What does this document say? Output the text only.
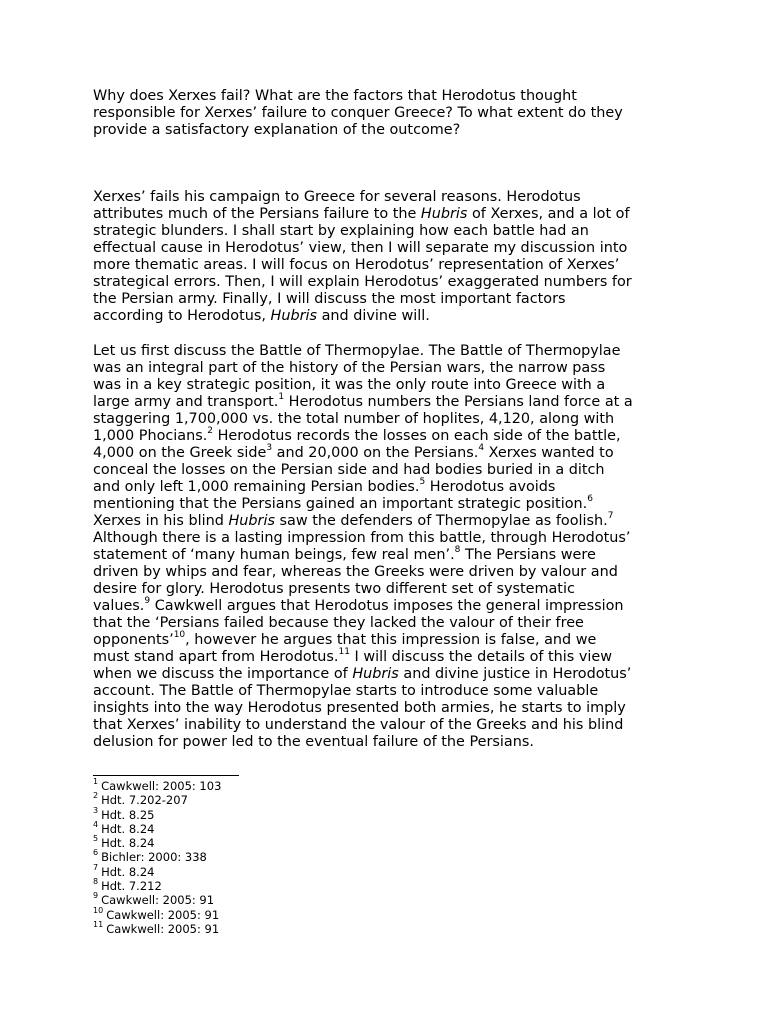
Why does Xerxes fail? What are the factors that Herodotus thought
responsible for Xerxes’ failure to conquer Greece? To what extent do they
provide a satisfactory explanation of the outcome?

Xerxes’ fails his campaign to Greece for several reasons. Herodotus
attributes much of the Persians failure to the Hubris of Xerxes, and a lot of
strategic blunders. I shall start by explaining how each battle had an
effectual cause in Herodotus’ view, then I will separate my discussion into
more thematic areas. I will focus on Herodotus’ representation of Xerxes’
strategical errors. Then, I will explain Herodotus’ exaggerated numbers for
the Persian army. Finally, I will discuss the most important factors
according to Herodotus, Hubris and divine will.

Let us first discuss the Battle of Thermopylae. The Battle of Thermopylae
was an integral part of the history of the Persian wars, the narrow pass
was in a key strategic position, it was the only route into Greece with a
large army and transport.$^1$ Herodotus numbers the Persians land force at a
staggering 1,700,000 vs. the total number of hoplites, 4,120, along with
1,000 Phocians.$^2$ Herodotus records the losses on each side of the battle,
4,000 on the Greek side$^3$ and 20,000 on the Persians.$^4$ Xerxes wanted to
conceal the losses on the Persian side and had bodies buried in a ditch
and only left 1,000 remaining Persian bodies.$^5$ Herodotus avoids
mentioning that the Persians gained an important strategic position.$^6$
Xerxes in his blind Hubris saw the defenders of Thermopylae as foolish.$^7$
Although there is a lasting impression from this battle, through Herodotus’
statement of ‘many human beings, few real men’.$^8$ The Persians were
driven by whips and fear, whereas the Greeks were driven by valour and
desire for glory. Herodotus presents two different set of systematic
values.$^9$ Cawkwell argues that Herodotus imposes the general impression
that the ‘Persians failed because they lacked the valour of their free
opponents’$^{10}$, however he argues that this impression is false, and we
must stand apart from Herodotus.$^{11}$ I will discuss the details of this view
when we discuss the importance of Hubris and divine justice in Herodotus’
account. The Battle of Thermopylae starts to introduce some valuable
insights into the way Herodotus presented both armies, he starts to imply
that Xerxes’ inability to understand the valour of the Greeks and his blind
delusion for power led to the eventual failure of the Persians.

$^1$ Cawkwell: 2005: 103
$^2$ Hdt. 7.202-207
$^3$ Hdt. 8.25
$^4$ Hdt. 8.24
$^5$ Hdt. 8.24
$^6$ Bichler: 2000: 338
$^7$ Hdt. 8.24
$^8$ Hdt. 7.212
$^9$ Cawkwell: 2005: 91
$^{10}$ Cawkwell: 2005: 91
$^{11}$ Cawkwell: 2005: 91
